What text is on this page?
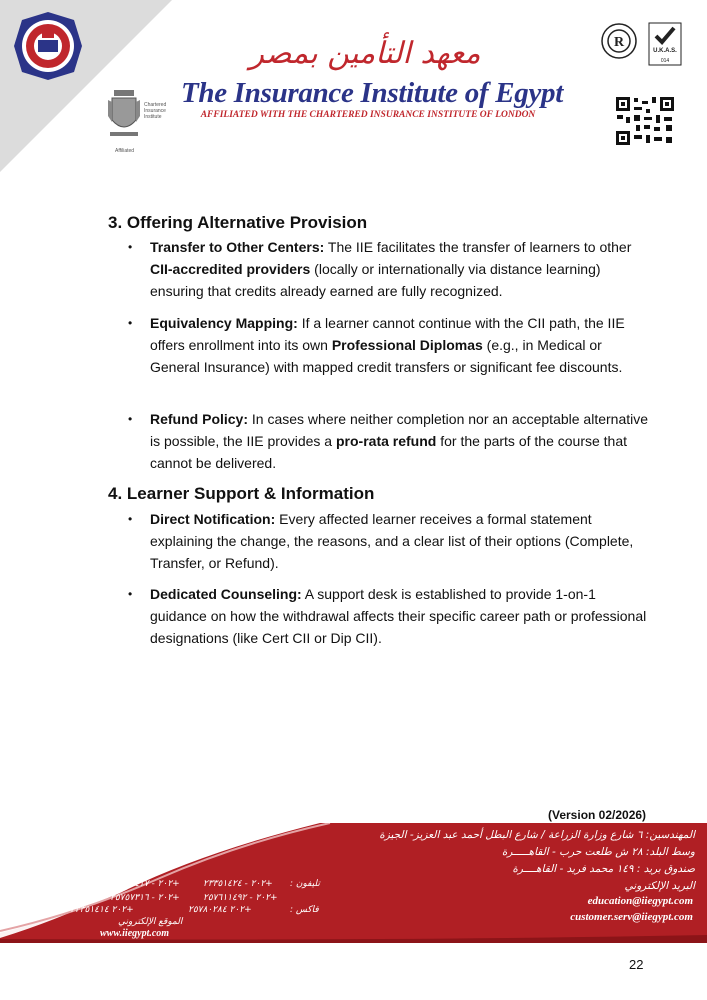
Chartered Insurance Institute
Affiliated
معهد التأمين بمصر
The Insurance Institute of Egypt
AFFILIATED WITH THE CHARTERED INSURANCE INSTITUTE OF LONDON
R
U.K.A.S.
014
3. Offering Alternative Provision
• Transfer to Other Centers: The IIE facilitates the transfer of learners to other CII-accredited providers (locally or internationally via distance learning) ensuring that credits already earned are fully recognized.
• Equivalency Mapping: If a learner cannot continue with the CII path, the IIE offers enrollment into its own Professional Diplomas (e.g., in Medical or General Insurance) with mapped credit transfers or significant fee discounts.
• Refund Policy: In cases where neither completion nor an acceptable alternative is possible, the IIE provides a pro-rata refund for the parts of the course that cannot be delivered.
4. Learner Support & Information
• Direct Notification: Every affected learner receives a formal statement explaining the change, the reasons, and a clear list of their options (Complete, Transfer, or Refund).
• Dedicated Counseling: A support desk is established to provide 1-on-1 guidance on how the withdrawal affects their specific career path or professional designations (like Cert CII or Dip CII).
(Version 02/2026)
المهندسين: ٦ شارع وزارة الزراعة / شارع البطل أحمد عبد العزيز- الجيزة
وسط البلد: ٢٨ ش طلعت حرب - القاهـــــرة
صندوق بريد : ١٤٩ محمد فريد - القاهــــرة
البريد الإلكتروني
education@iiegypt.com
customer.serv@iiegypt.com
تليفون :
+٢٠٢ - ٢٣٣٥١٤٢٤
+٢٠٢ - ٢٣٣٥١٤١٧
+٢٠٢ - ٢٣٣٥١٤١٣
+٢٠٢ - ٢٥٧٦١١٤٩٢
+٢٠٢ - ٢٥٧٥٧٣١٦
+٢٠٢ - ٢٥٧٦٣٩٠٠
فاكس :
+٢٠٢ ٢٥٧٨٠٢٨٤
+٢٠٢ ٢٣٣٥١٤١٤
الموقع الإلكتروني
www.iiegypt.com
22
